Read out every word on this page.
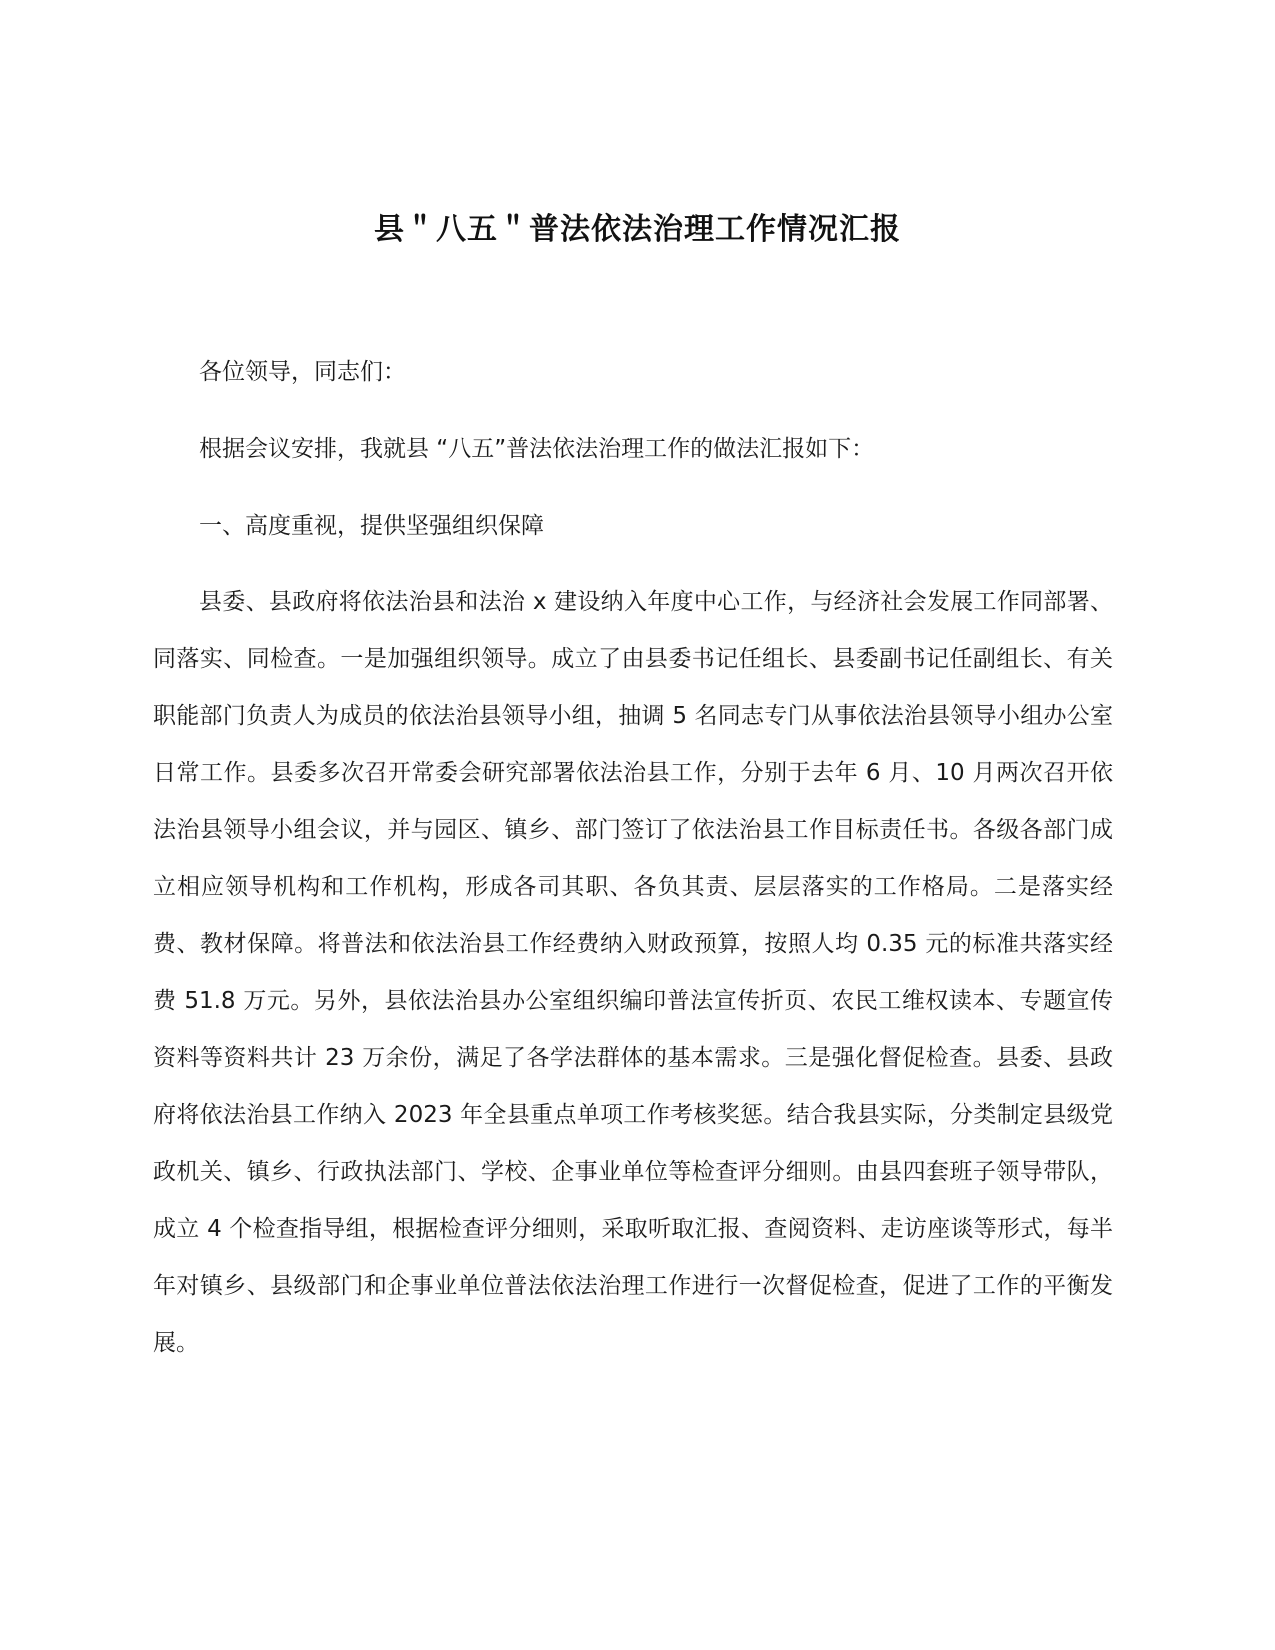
县＂八五＂普法依法治理工作情况汇报

各位领导，同志们：

根据会议安排，我就县 “八五”普法依法治理工作的做法汇报如下：

一、高度重视，提供坚强组织保障

县委、县政府将依法治县和法治 x 建设纳入年度中心工作，与经济社会发展工作同部署、同落实、同检查。一是加强组织领导。成立了由县委书记任组长、县委副书记任副组长、有关职能部门负责人为成员的依法治县领导小组，抽调 5 名同志专门从事依法治县领导小组办公室日常工作。县委多次召开常委会研究部署依法治县工作，分别于去年 6 月、10 月两次召开依法治县领导小组会议，并与园区、镇乡、部门签订了依法治县工作目标责任书。各级各部门成立相应领导机构和工作机构，形成各司其职、各负其责、层层落实的工作格局。二是落实经费、教材保障。将普法和依法治县工作经费纳入财政预算，按照人均 0.35 元的标准共落实经费 51.8 万元。另外，县依法治县办公室组织编印普法宣传折页、农民工维权读本、专题宣传资料等资料共计 23 万余份，满足了各学法群体的基本需求。三是强化督促检查。县委、县政府将依法治县工作纳入 2023 年全县重点单项工作考核奖惩。结合我县实际，分类制定县级党政机关、镇乡、行政执法部门、学校、企事业单位等检查评分细则。由县四套班子领导带队，成立 4 个检查指导组，根据检查评分细则，采取听取汇报、查阅资料、走访座谈等形式，每半年对镇乡、县级部门和企事业单位普法依法治理工作进行一次督促检查，促进了工作的平衡发展。
